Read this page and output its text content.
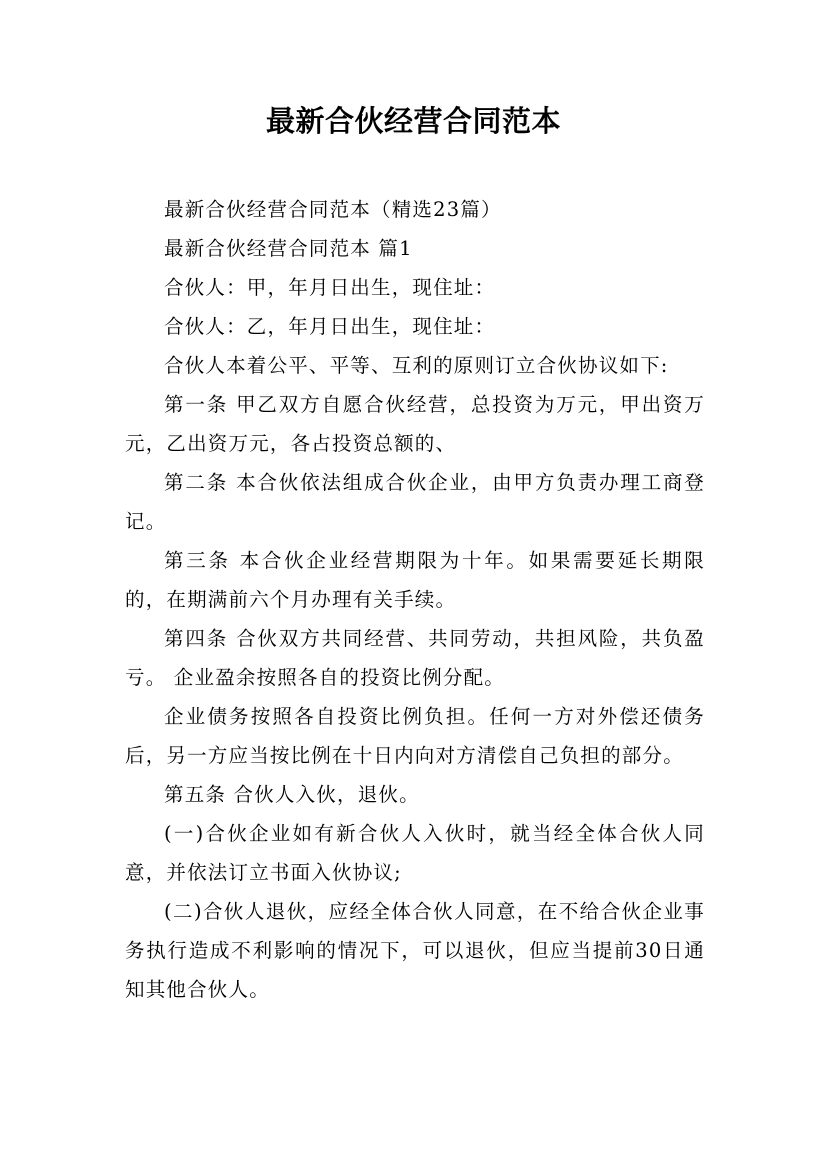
最新合伙经营合同范本

最新合伙经营合同范本（精选23篇）

最新合伙经营合同范本 篇1

合伙人：甲，年月日出生，现住址：

合伙人：乙，年月日出生，现住址：

合伙人本着公平、平等、互利的原则订立合伙协议如下:

第一条 甲乙双方自愿合伙经营，总投资为万元，甲出资万元，乙出资万元，各占投资总额的、

第二条 本合伙依法组成合伙企业，由甲方负责办理工商登记。

第三条 本合伙企业经营期限为十年。如果需要延长期限的，在期满前六个月办理有关手续。

第四条 合伙双方共同经营、共同劳动，共担风险，共负盈亏。 企业盈余按照各自的投资比例分配。

企业债务按照各自投资比例负担。任何一方对外偿还债务后，另一方应当按比例在十日内向对方清偿自己负担的部分。

第五条 合伙人入伙，退伙。

(一)合伙企业如有新合伙人入伙时，就当经全体合伙人同意，并依法订立书面入伙协议;

(二)合伙人退伙，应经全体合伙人同意，在不给合伙企业事务执行造成不利影响的情况下，可以退伙，但应当提前30日通知其他合伙人。
